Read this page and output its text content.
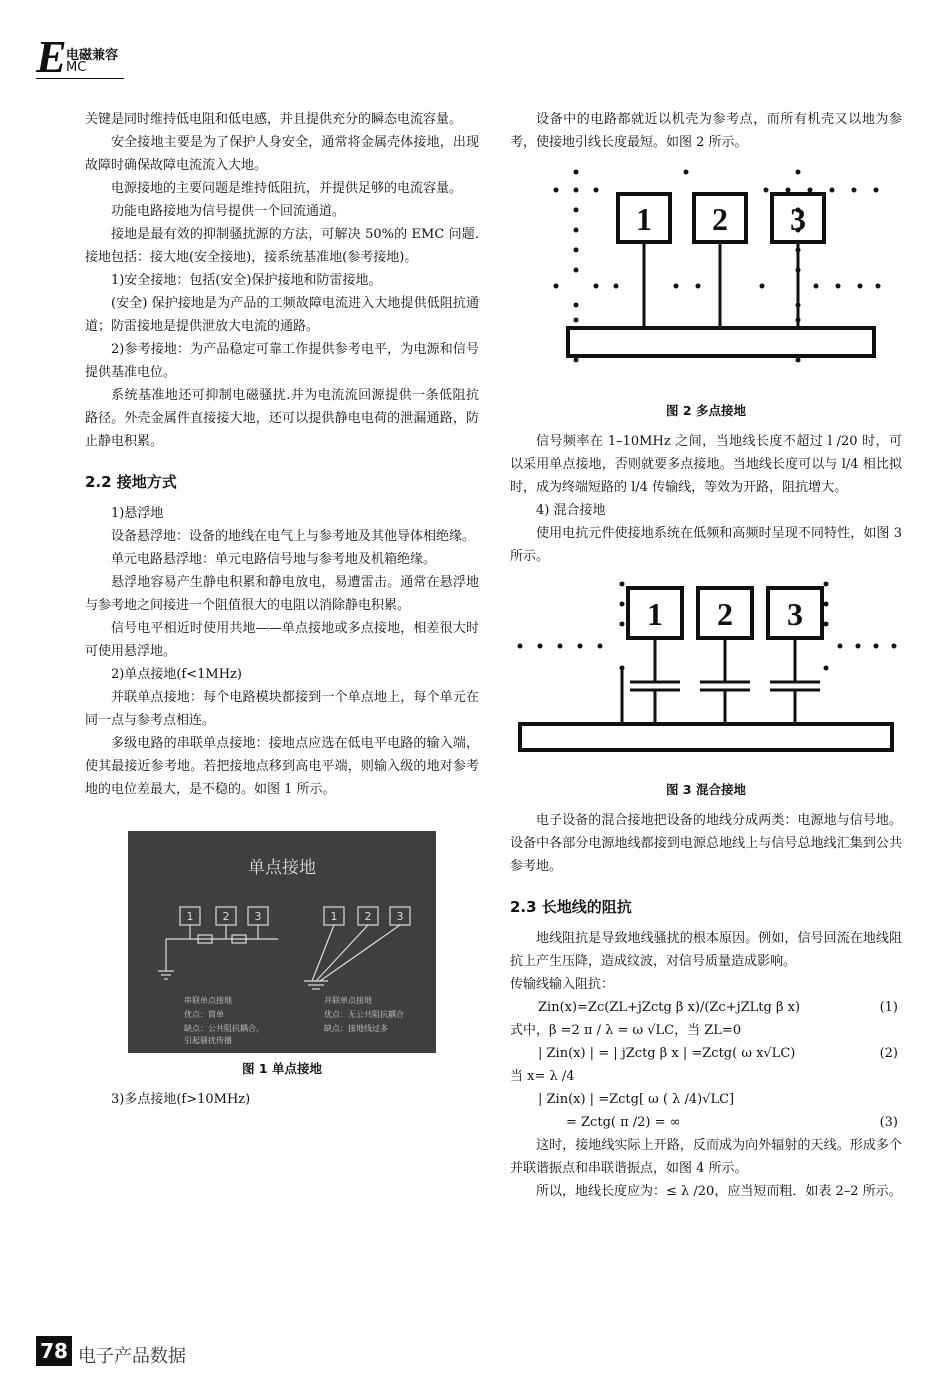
E 电磁兼容
MC

关键是同时维持低电阻和低电感，并且提供充分的瞬态电流容量。

安全接地主要是为了保护人身安全，通常将金属壳体接地，出现故障时确保故障电流流入大地。

电源接地的主要问题是维持低阻抗，并提供足够的电流容量。

功能电路接地为信号提供一个回流通道。

接地是最有效的抑制骚扰源的方法，可解决 50%的 EMC 问题.接地包括：接大地(安全接地)，接系统基准地(参考接地)。

1)安全接地：包括(安全)保护接地和防雷接地。

(安全) 保护接地是为产品的工频故障电流进入大地提供低阻抗通道；防雷接地是提供泄放大电流的通路。

2)参考接地：为产品稳定可靠工作提供参考电平，为电源和信号提供基准电位。

系统基准地还可抑制电磁骚扰.并为电流流回源提供一条低阻抗路径。外壳金属件直接接大地，还可以提供静电电荷的泄漏通路，防止静电积累。

2.2 接地方式

1)悬浮地

设备悬浮地：设备的地线在电气上与参考地及其他导体相绝缘。

单元电路悬浮地：单元电路信号地与参考地及机箱绝缘。

悬浮地容易产生静电积累和静电放电，易遭雷击。通常在悬浮地与参考地之间接进一个阻值很大的电阻以消除静电积累。

信号电平相近时使用共地——单点接地或多点接地，相差很大时可使用悬浮地。

2)单点接地(f<1MHz)

并联单点接地：每个电路模块都接到一个单点地上，每个单元在同一点与参考点相连。

多级电路的串联单点接地：接地点应选在低电平电路的输入端，使其最接近参考地。若把接地点移到高电平端，则输入级的地对参考地的电位差最大，是不稳的。如图 1 所示。

单点接地
1	2 3	1 2 3
串联单点接地
优点：简单
缺点：公共阻抗耦合，
引起骚扰传播
并联单点接地
优点：无公共阻抗耦合
缺点：接地线过多
图 1 单点接地

3)多点接地(f>10MHz)

设备中的电路都就近以机壳为参考点，而所有机壳又以地为参考，使接地引线长度最短。如图 2 所示。

1 2 3
图 2 多点接地

信号频率在 1–10MHz 之间，当地线长度不超过 l /20 时，可以采用单点接地，否则就要多点接地。当地线长度可以与 l/4 相比拟时，成为终端短路的 l/4 传输线，等效为开路，阻抗增大。

4) 混合接地

使用电抗元件使接地系统在低频和高频时呈现不同特性，如图 3 所示。

1 2 3
图 3 混合接地

电子设备的混合接地把设备的地线分成两类：电源地与信号地。设备中各部分电源地线都接到电源总地线上与信号总地线汇集到公共参考地。

2.3 长地线的阻抗

地线阻抗是导致地线骚扰的根本原因。例如，信号回流在地线阻抗上产生压降，造成纹波，对信号质量造成影响。

传输线输入阻抗：

Zin(x)=Zc(ZL+jZctg β x)/(Zc+jZLtg β x)	(1)

式中，β =2 π / λ = ω √LC，当 ZL=0

| Zin(x) | = | jZctg β x | =Zctg( ω x√LC)	(2)

当 x= λ /4

| Zin(x) | =Zctg[ ω ( λ /4)√LC]
= Zctg( π /2) = ∞	(3)

这时，接地线实际上开路，反而成为向外辐射的天线。形成多个并联谐振点和串联谐振点，如图 4 所示。

所以，地线长度应为：≤ λ /20，应当短而粗．如表 2–2 所示。

78 电子产品数据
